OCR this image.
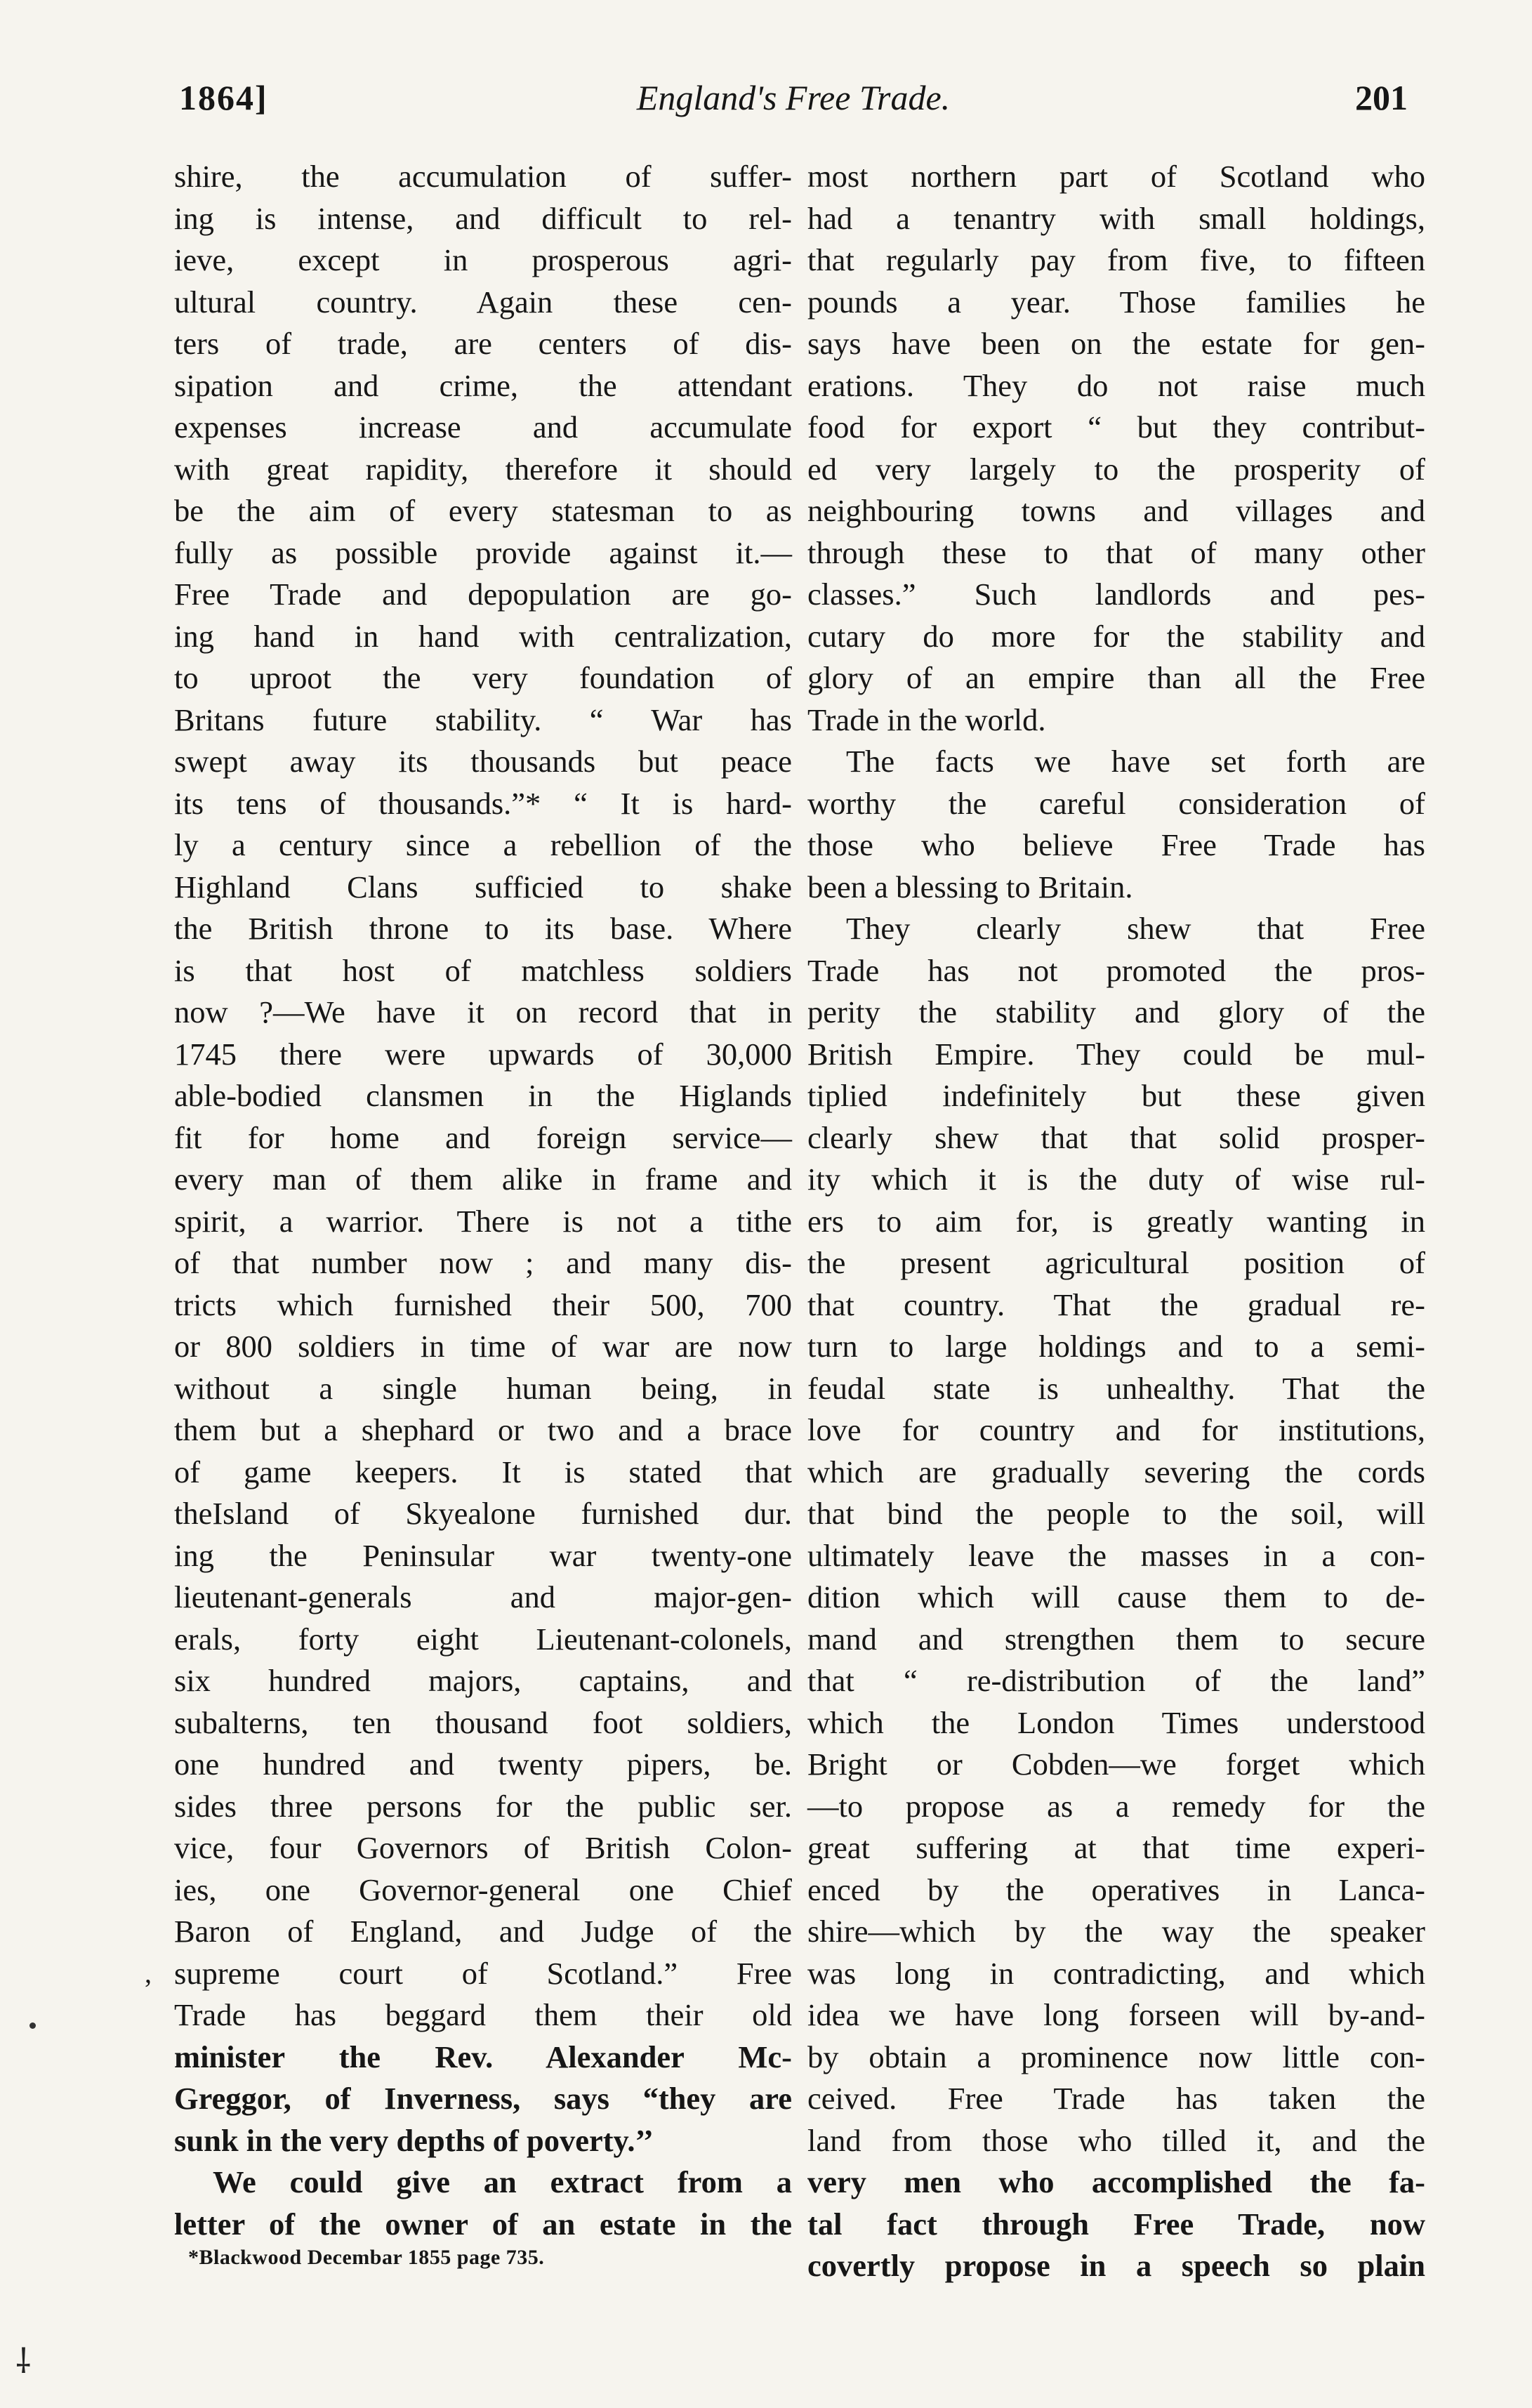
1864]	England's Free Trade.	201

shire, the accumulation of suffer-

ing is intense, and difficult to rel-

ieve, except in prosperous agri-

ultural country. Again these cen-

ters of trade, are centers of dis-

sipation and crime, the attendant

expenses increase and accumulate

with great rapidity, therefore it should

be the aim of every statesman to as

fully as possible provide against it.—

Free Trade and depopulation are go-

ing hand in hand with centralization,

to uproot the very foundation of

Britans future stability. “ War has

swept away its thousands but peace

its tens of thousands.”* “ It is hard-

ly a century since a rebellion of the

Highland Clans sufficied to shake

the British throne to its base. Where

is that host of matchless soldiers

now ?—We have it on record that in

1745 there were upwards of 30,000

able-bodied clansmen in the Higlands

fit for home and foreign service—

every man of them alike in frame and

spirit, a warrior. There is not a tithe

of that number now ; and many dis-

tricts which furnished their 500, 700

or 800 soldiers in time of war are now

without a single human being, in

them but a shephard or two and a brace

of game keepers. It is stated that

theIsland of Skyealone furnished dur.

ing the Peninsular war twenty-one

lieutenant-generals and major-gen-

erals, forty eight Lieutenant-colonels,

six hundred majors, captains, and

subalterns, ten thousand foot soldiers,

one hundred and twenty pipers, be.

sides three persons for the public ser.

vice, four Governors of British Colon-

ies, one Governor-general one Chief

Baron of England, and Judge of the

supreme court of Scotland.” Free

Trade has beggard them their old

minister the Rev. Alexander Mc-

Greggor, of Inverness, says “they are

sunk in the very depths of poverty.’’

We could give an extract from a

letter of the owner of an estate in the

most northern part of Scotland who

had a tenantry with small holdings,

that regularly pay from five, to fifteen

pounds a year. Those families he

says have been on the estate for gen-

erations. They do not raise much

food for export “ but they contribut-

ed very largely to the prosperity of

neighbouring towns and villages and

through these to that of many other

classes.” Such landlords and pes-

cutary do more for the stability and

glory of an empire than all the Free

Trade in the world.

The facts we have set forth are

worthy the careful consideration of

those who believe Free Trade has

been a blessing to Britain.

They clearly shew that Free

Trade has not promoted the pros-

perity the stability and glory of the

British Empire. They could be mul-

tiplied indefinitely but these given

clearly shew that that solid prosper-

ity which it is the duty of wise rul-

ers to aim for, is greatly wanting in

the present agricultural position of

that country. That the gradual re-

turn to large holdings and to a semi-

feudal state is unhealthy. That the

love for country and for institutions,

which are gradually severing the cords

that bind the people to the soil, will

ultimately leave the masses in a con-

dition which will cause them to de-

mand and strengthen them to secure

that “ re-distribution of the land”

which the London Times understood

Bright or Cobden—we forget which

—to propose as a remedy for the

great suffering at that time experi-

enced by the operatives in Lanca-

shire—which by the way the speaker

was long in contradicting, and which

idea we have long forseen will by-and-

by obtain a prominence now little con-

ceived. Free Trade has taken the

land from those who tilled it, and the

very men who accomplished the fa-

tal fact through Free Trade, now

covertly propose in a speech so plain

*Blackwood Decembar 1855 page 735.
,
⸸
